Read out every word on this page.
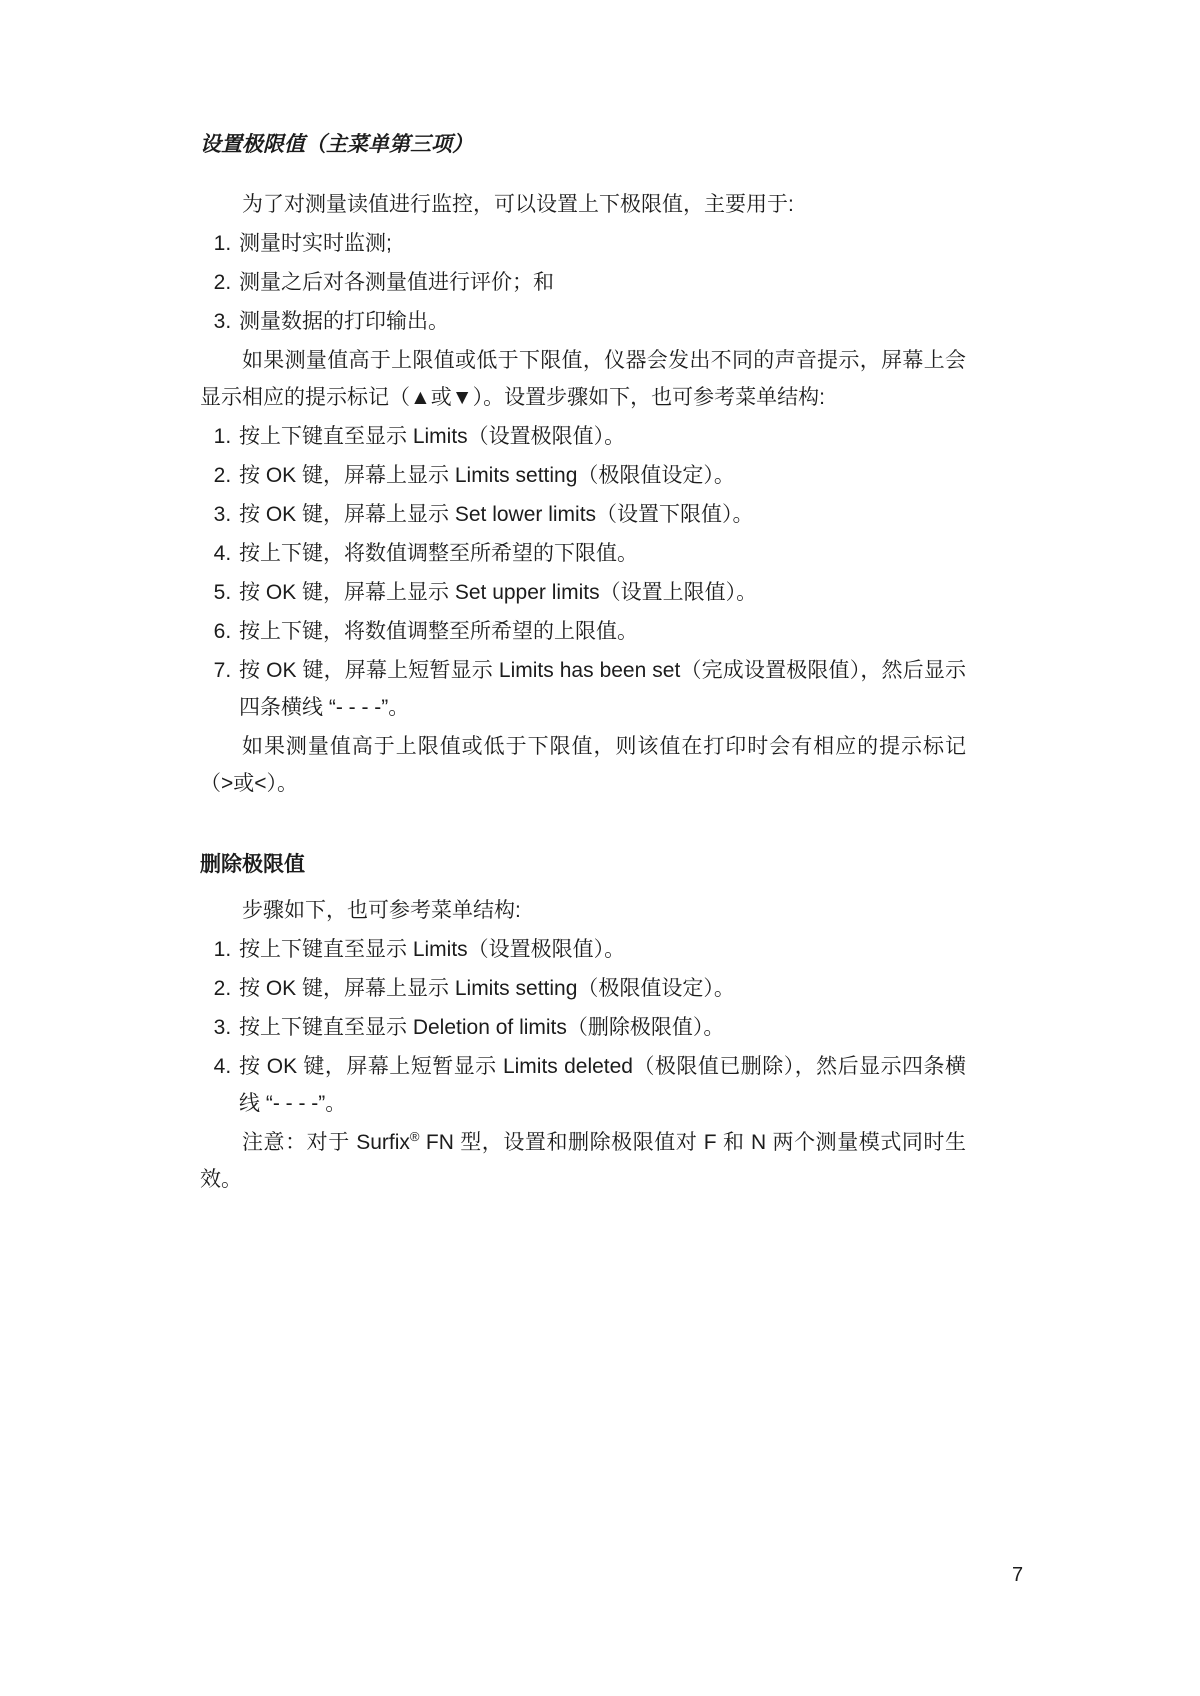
设置极限值（主菜单第三项）

为了对测量读值进行监控，可以设置上下极限值，主要用于:

1. 测量时实时监测;
2. 测量之后对各测量值进行评价；和
3. 测量数据的打印输出。

如果测量值高于上限值或低于下限值，仪器会发出不同的声音提示，屏幕上会显示相应的提示标记（▲或▼）。设置步骤如下，也可参考菜单结构:

1. 按上下键直至显示 Limits（设置极限值）。
2. 按 OK 键，屏幕上显示 Limits setting（极限值设定）。
3. 按 OK 键，屏幕上显示 Set lower limits（设置下限值）。
4. 按上下键，将数值调整至所希望的下限值。
5. 按 OK 键，屏幕上显示 Set upper limits（设置上限值）。
6. 按上下键，将数值调整至所希望的上限值。
7. 按 OK 键，屏幕上短暂显示 Limits has been set（完成设置极限值），然后显示四条横线 “- - - -”。

如果测量值高于上限值或低于下限值，则该值在打印时会有相应的提示标记（>或<）。

删除极限值

步骤如下，也可参考菜单结构:

1. 按上下键直至显示 Limits（设置极限值）。
2. 按 OK 键，屏幕上显示 Limits setting（极限值设定）。
3. 按上下键直至显示 Deletion of limits（删除极限值）。
4. 按 OK 键，屏幕上短暂显示 Limits deleted（极限值已删除），然后显示四条横线 “- - - -”。

注意：对于 Surfix® FN 型，设置和删除极限值对 F 和 N 两个测量模式同时生效。

7
